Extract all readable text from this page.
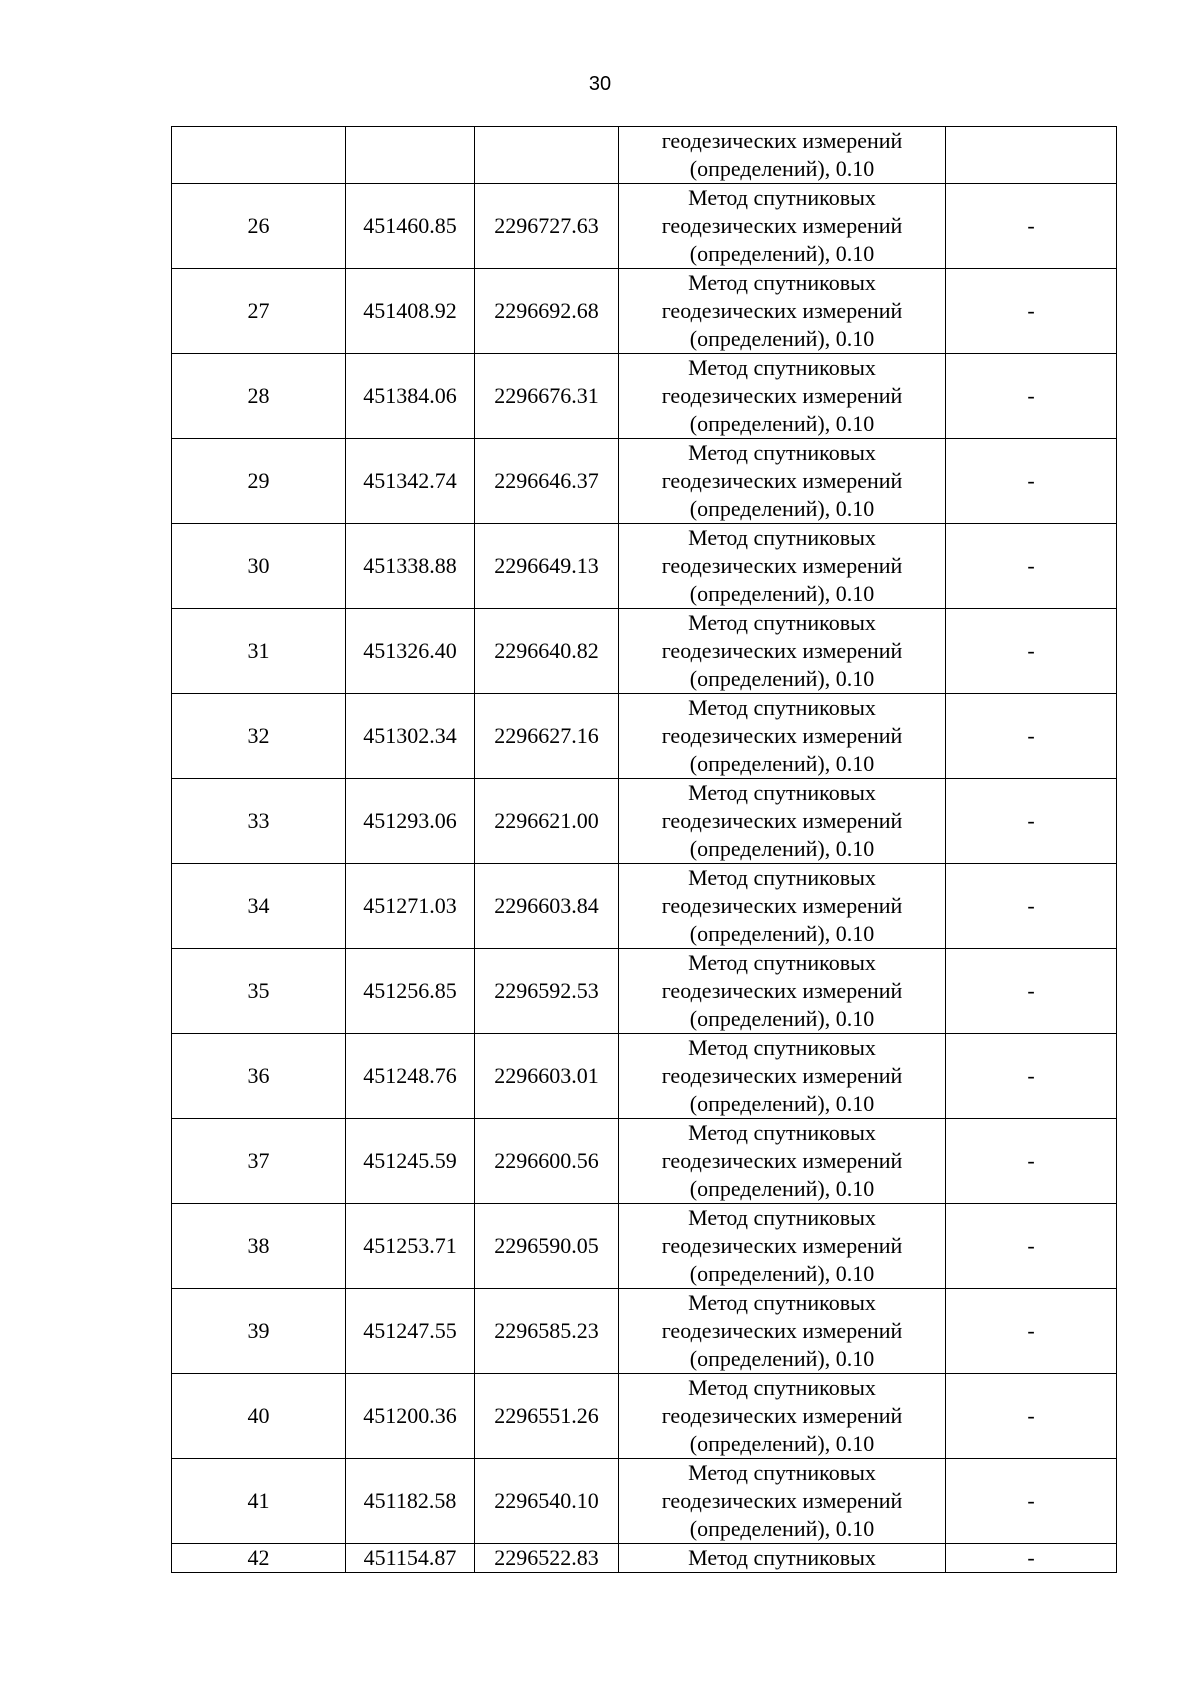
30

			геодезических измерений
(определений), 0.10	

26	451460.85	2296727.63	Метод спутниковых
геодезических измерений
(определений), 0.10	-
27	451408.92	2296692.68	Метод спутниковых
геодезических измерений
(определений), 0.10	-
28	451384.06	2296676.31	Метод спутниковых
геодезических измерений
(определений), 0.10	-
29	451342.74	2296646.37	Метод спутниковых
геодезических измерений
(определений), 0.10	-
30	451338.88	2296649.13	Метод спутниковых
геодезических измерений
(определений), 0.10	-
31	451326.40	2296640.82	Метод спутниковых
геодезических измерений
(определений), 0.10	-
32	451302.34	2296627.16	Метод спутниковых
геодезических измерений
(определений), 0.10	-
33	451293.06	2296621.00	Метод спутниковых
геодезических измерений
(определений), 0.10	-
34	451271.03	2296603.84	Метод спутниковых
геодезических измерений
(определений), 0.10	-
35	451256.85	2296592.53	Метод спутниковых
геодезических измерений
(определений), 0.10	-
36	451248.76	2296603.01	Метод спутниковых
геодезических измерений
(определений), 0.10	-
37	451245.59	2296600.56	Метод спутниковых
геодезических измерений
(определений), 0.10	-
38	451253.71	2296590.05	Метод спутниковых
геодезических измерений
(определений), 0.10	-
39	451247.55	2296585.23	Метод спутниковых
геодезических измерений
(определений), 0.10	-
40	451200.36	2296551.26	Метод спутниковых
геодезических измерений
(определений), 0.10	-
41	451182.58	2296540.10	Метод спутниковых
геодезических измерений
(определений), 0.10	-
42	451154.87	2296522.83	Метод спутниковых	-
